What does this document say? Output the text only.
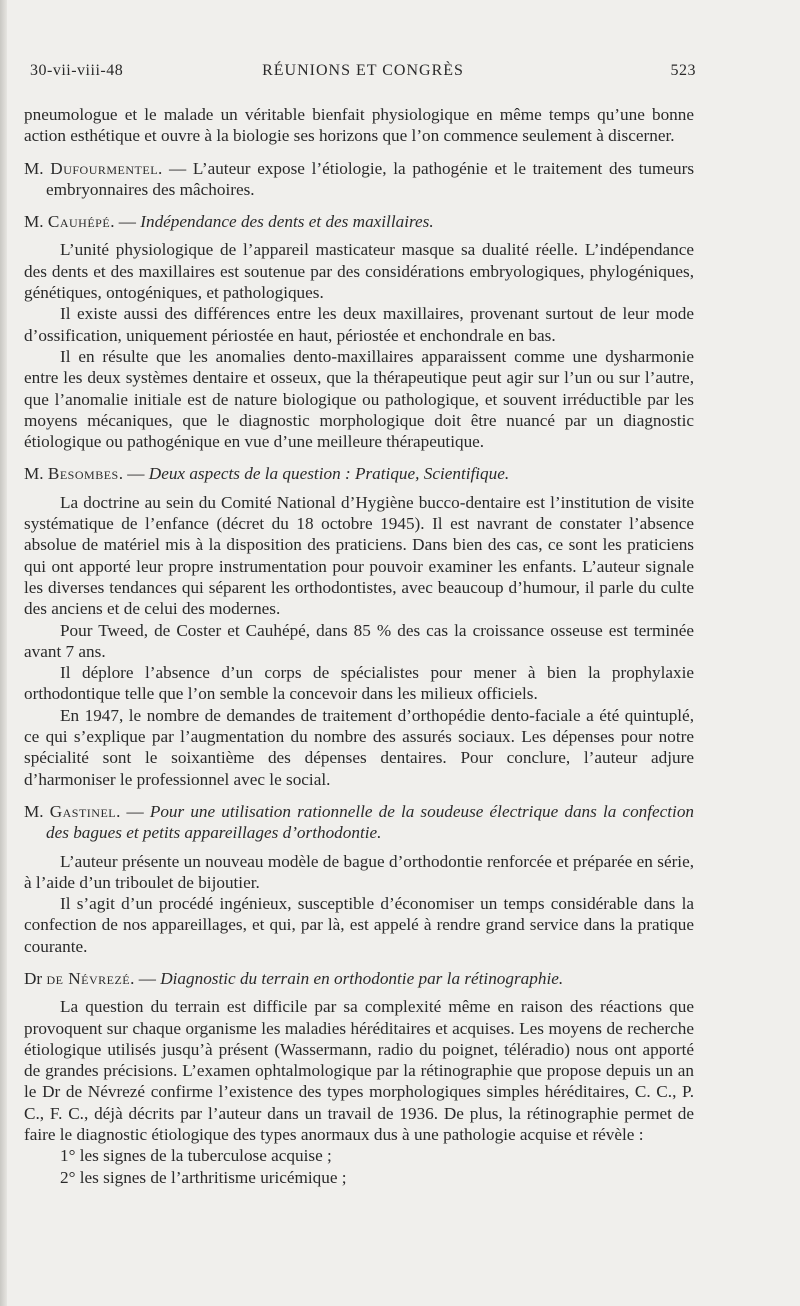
30-vii-viii-48	RÉUNIONS ET CONGRÈS	523

pneumologue et le malade un véritable bienfait physiologique en même temps qu’une bonne action esthétique et ouvre à la biologie ses horizons que l’on commence seulement à discerner.

M. Dufourmentel. — L’auteur expose l’étiologie, la pathogénie et le traitement des tumeurs embryonnaires des mâchoires.

M. Cauhépé. — Indépendance des dents et des maxillaires.

L’unité physiologique de l’appareil masticateur masque sa dualité réelle. L’indépendance des dents et des maxillaires est soutenue par des considérations embryologiques, phylogéniques, génétiques, ontogéniques, et pathologiques.

Il existe aussi des différences entre les deux maxillaires, provenant surtout de leur mode d’ossification, uniquement périostée en haut, périostée et enchondrale en bas.

Il en résulte que les anomalies dento-maxillaires apparaissent comme une dysharmonie entre les deux systèmes dentaire et osseux, que la thérapeutique peut agir sur l’un ou sur l’autre, que l’anomalie initiale est de nature biologique ou pathologique, et souvent irréductible par les moyens mécaniques, que le diagnostic morphologique doit être nuancé par un diagnostic étiologique ou pathogénique en vue d’une meilleure thérapeutique.

M. Besombes. — Deux aspects de la question : Pratique, Scientifique.

La doctrine au sein du Comité National d’Hygiène bucco-dentaire est l’institution de visite systématique de l’enfance (décret du 18 octobre 1945). Il est navrant de constater l’absence absolue de matériel mis à la disposition des praticiens. Dans bien des cas, ce sont les praticiens qui ont apporté leur propre instrumentation pour pouvoir examiner les enfants. L’auteur signale les diverses tendances qui séparent les orthodontistes, avec beaucoup d’humour, il parle du culte des anciens et de celui des modernes.

Pour Tweed, de Coster et Cauhépé, dans 85 % des cas la croissance osseuse est terminée avant 7 ans.

Il déplore l’absence d’un corps de spécialistes pour mener à bien la prophylaxie orthodontique telle que l’on semble la concevoir dans les milieux officiels.

En 1947, le nombre de demandes de traitement d’orthopédie dento-faciale a été quintuplé, ce qui s’explique par l’augmentation du nombre des assurés sociaux. Les dépenses pour notre spécialité sont le soixantième des dépenses dentaires. Pour conclure, l’auteur adjure d’harmoniser le professionnel avec le social.

M. Gastinel. — Pour une utilisation rationnelle de la soudeuse électrique dans la confection des bagues et petits appareillages d’orthodontie.

L’auteur présente un nouveau modèle de bague d’orthodontie renforcée et préparée en série, à l’aide d’un triboulet de bijoutier.

Il s’agit d’un procédé ingénieux, susceptible d’économiser un temps considérable dans la confection de nos appareillages, et qui, par là, est appelé à rendre grand service dans la pratique courante.

Dr de Névrezé. — Diagnostic du terrain en orthodontie par la rétinographie.

La question du terrain est difficile par sa complexité même en raison des réactions que provoquent sur chaque organisme les maladies héréditaires et acquises. Les moyens de recherche étiologique utilisés jusqu’à présent (Wassermann, radio du poignet, téléradio) nous ont apporté de grandes précisions. L’examen ophtalmologique par la rétinographie que propose depuis un an le Dr de Névrezé confirme l’existence des types morphologiques simples héréditaires, C. C., P. C., F. C., déjà décrits par l’auteur dans un travail de 1936. De plus, la rétinographie permet de faire le diagnostic étiologique des types anormaux dus à une pathologie acquise et révèle :

1° les signes de la tuberculose acquise ;

2° les signes de l’arthritisme uricémique ;
